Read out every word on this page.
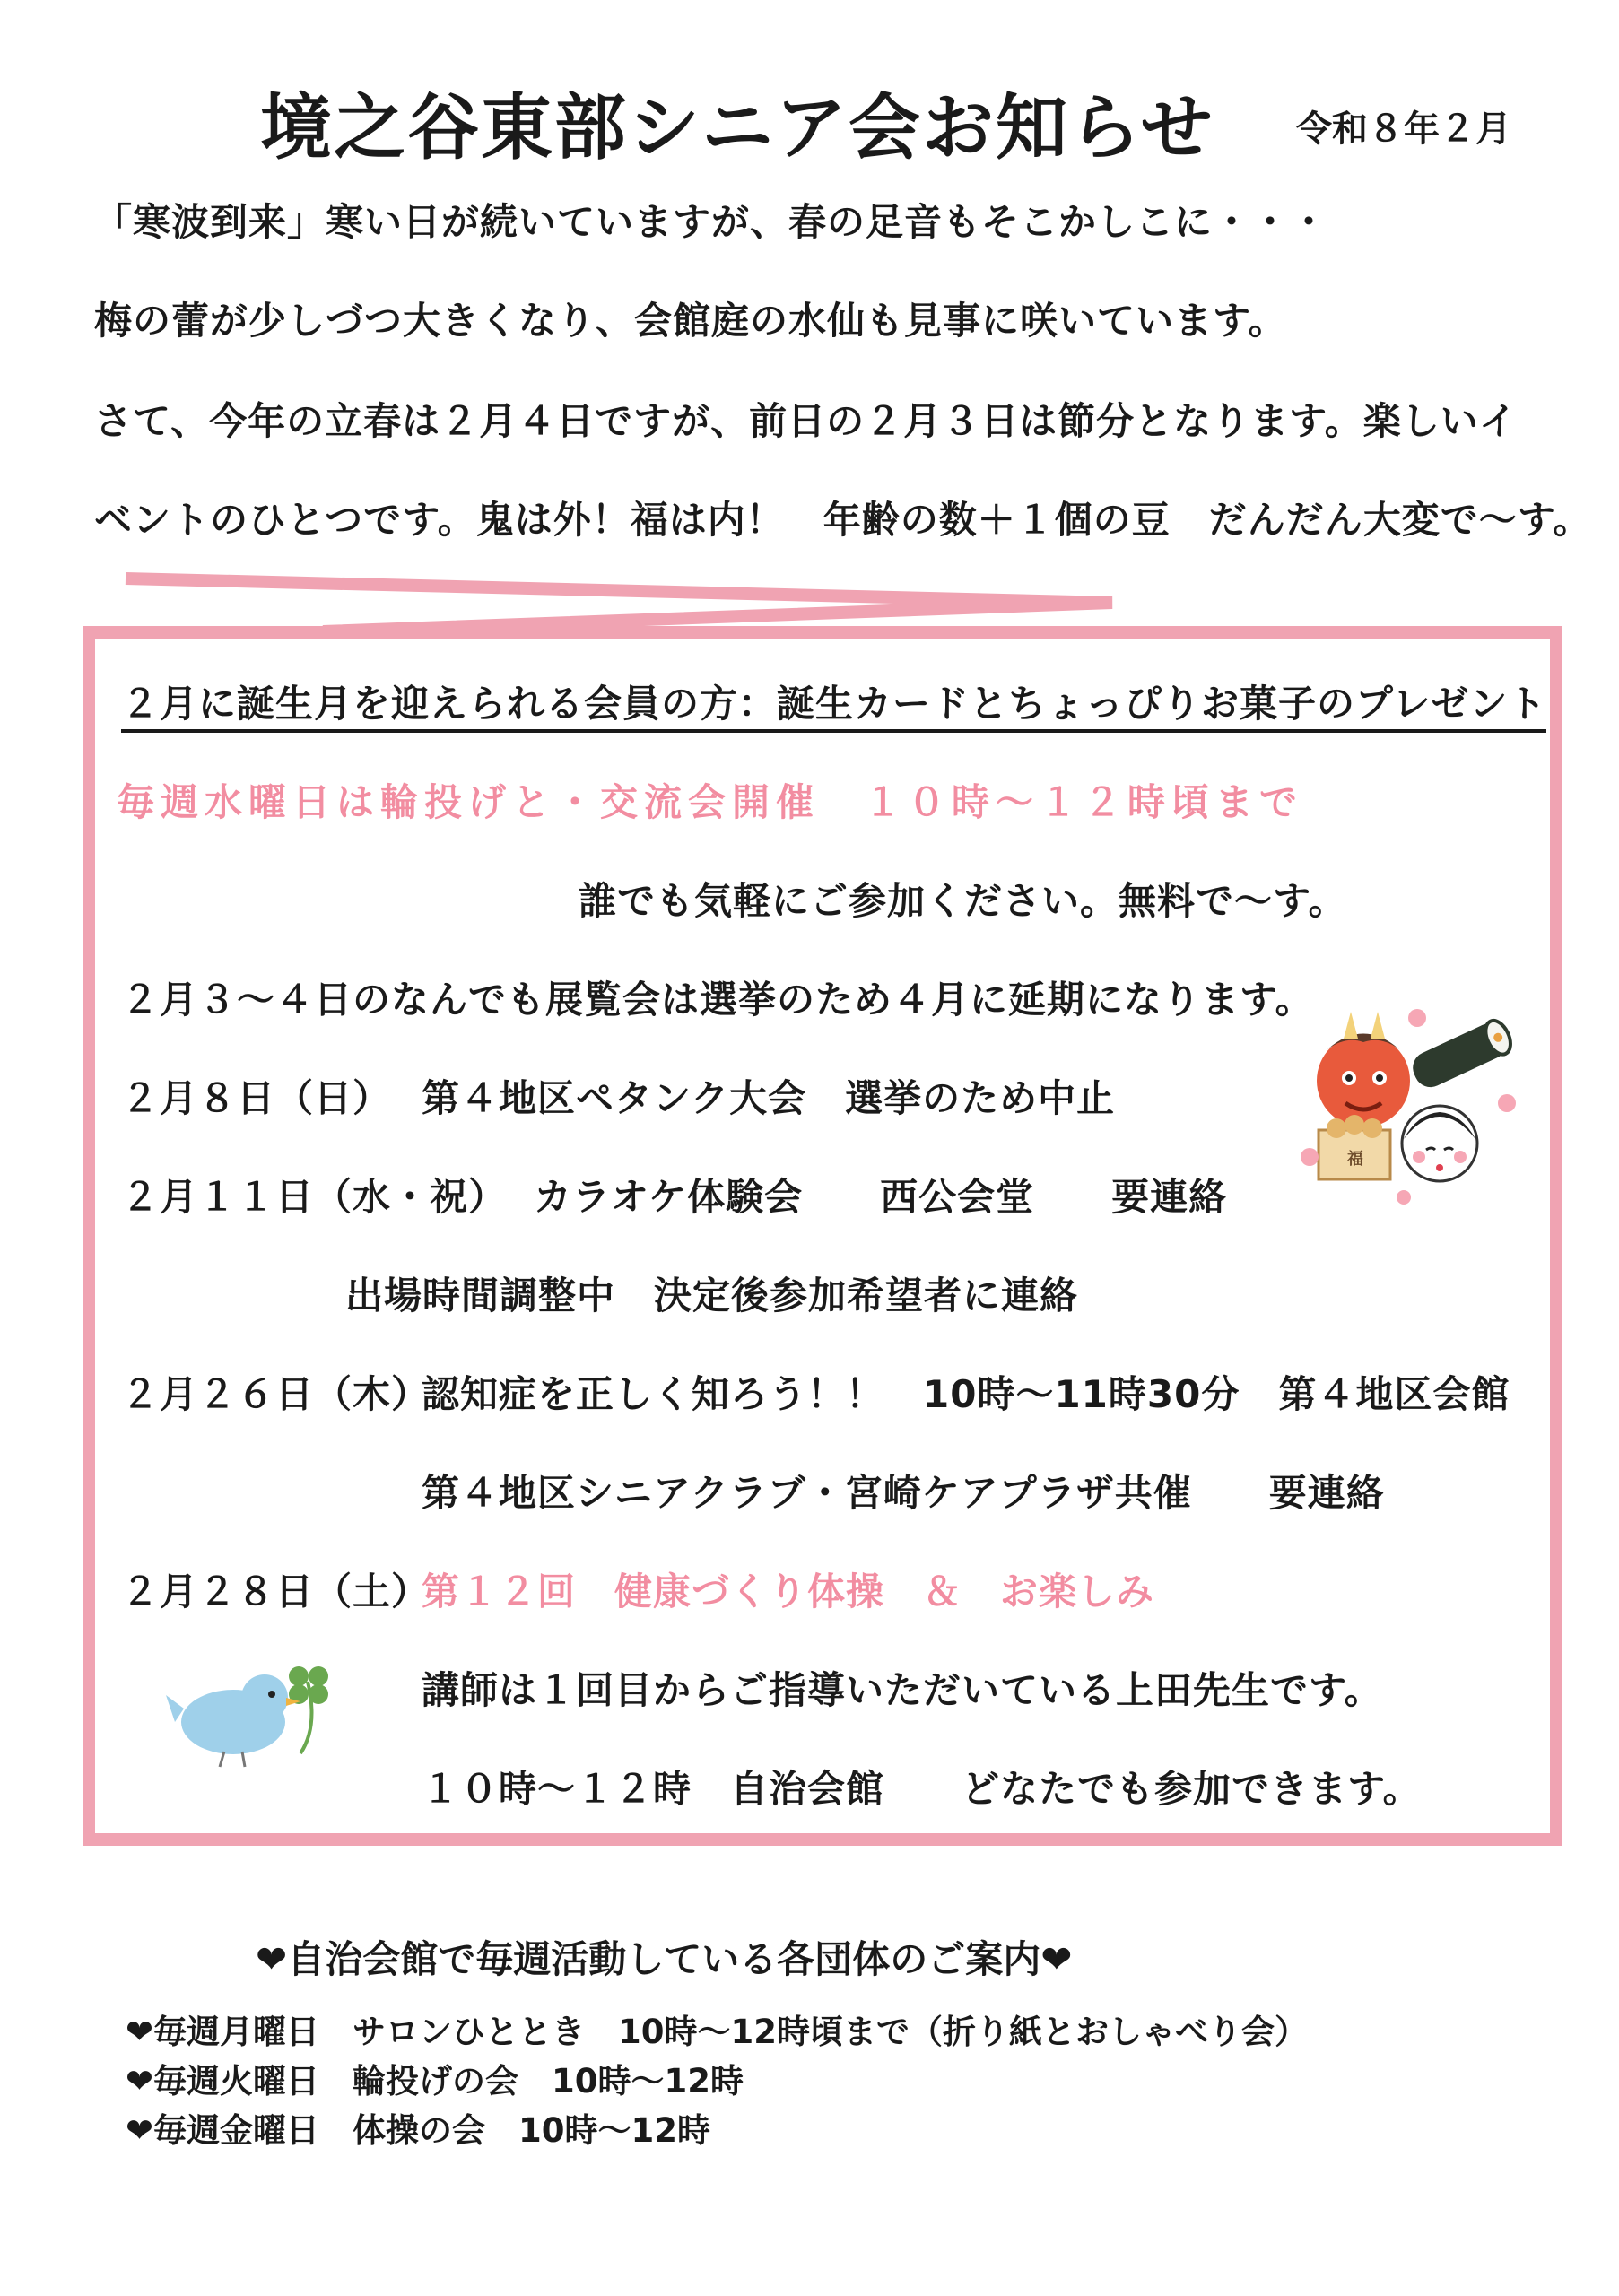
境之谷東部シニア会お知らせ 令和８年２月
「寒波到来」寒い日が続いていますが、春の足音もそこかしこに・・・
梅の蕾が少しづつ大きくなり、会館庭の水仙も見事に咲いています。
さて、今年の立春は２月４日ですが、前日の２月３日は節分となります。楽しいイ
ベントのひとつです。鬼は外！福は内！　年齢の数＋１個の豆　だんだん大変で～す。
２月に誕生月を迎えられる会員の方：誕生カードとちょっぴりお菓子のプレゼント
毎週水曜日は輪投げと・交流会開催　１０時～１２時頃まで
誰でも気軽にご参加ください。無料で～す。
２月３～４日のなんでも展覧会は選挙のため４月に延期になります。
２月８日（日） 第４地区ペタンク大会　選挙のため中止
２月１１日（水・祝） カラオケ体験会　　西公会堂　　要連絡
出場時間調整中　決定後参加希望者に連絡
２月２６日（木）
認知症を正しく知ろう！！　10時～11時30分　第４地区会館
第４地区シニアクラブ・宮崎ケアプラザ共催　　要連絡
２月２８日（土）
第１２回　健康づくり体操　＆　お楽しみ
講師は１回目からご指導いただいている上田先生です。
１０時～１２時　自治会館　　どなたでも参加できます。
福
❤自治会館で毎週活動している各団体のご案内❤
❤毎週月曜日　サロンひととき　10時～12時頃まで（折り紙とおしゃべり会）
❤毎週火曜日　輪投げの会　10時～12時
❤毎週金曜日　体操の会　10時～12時
